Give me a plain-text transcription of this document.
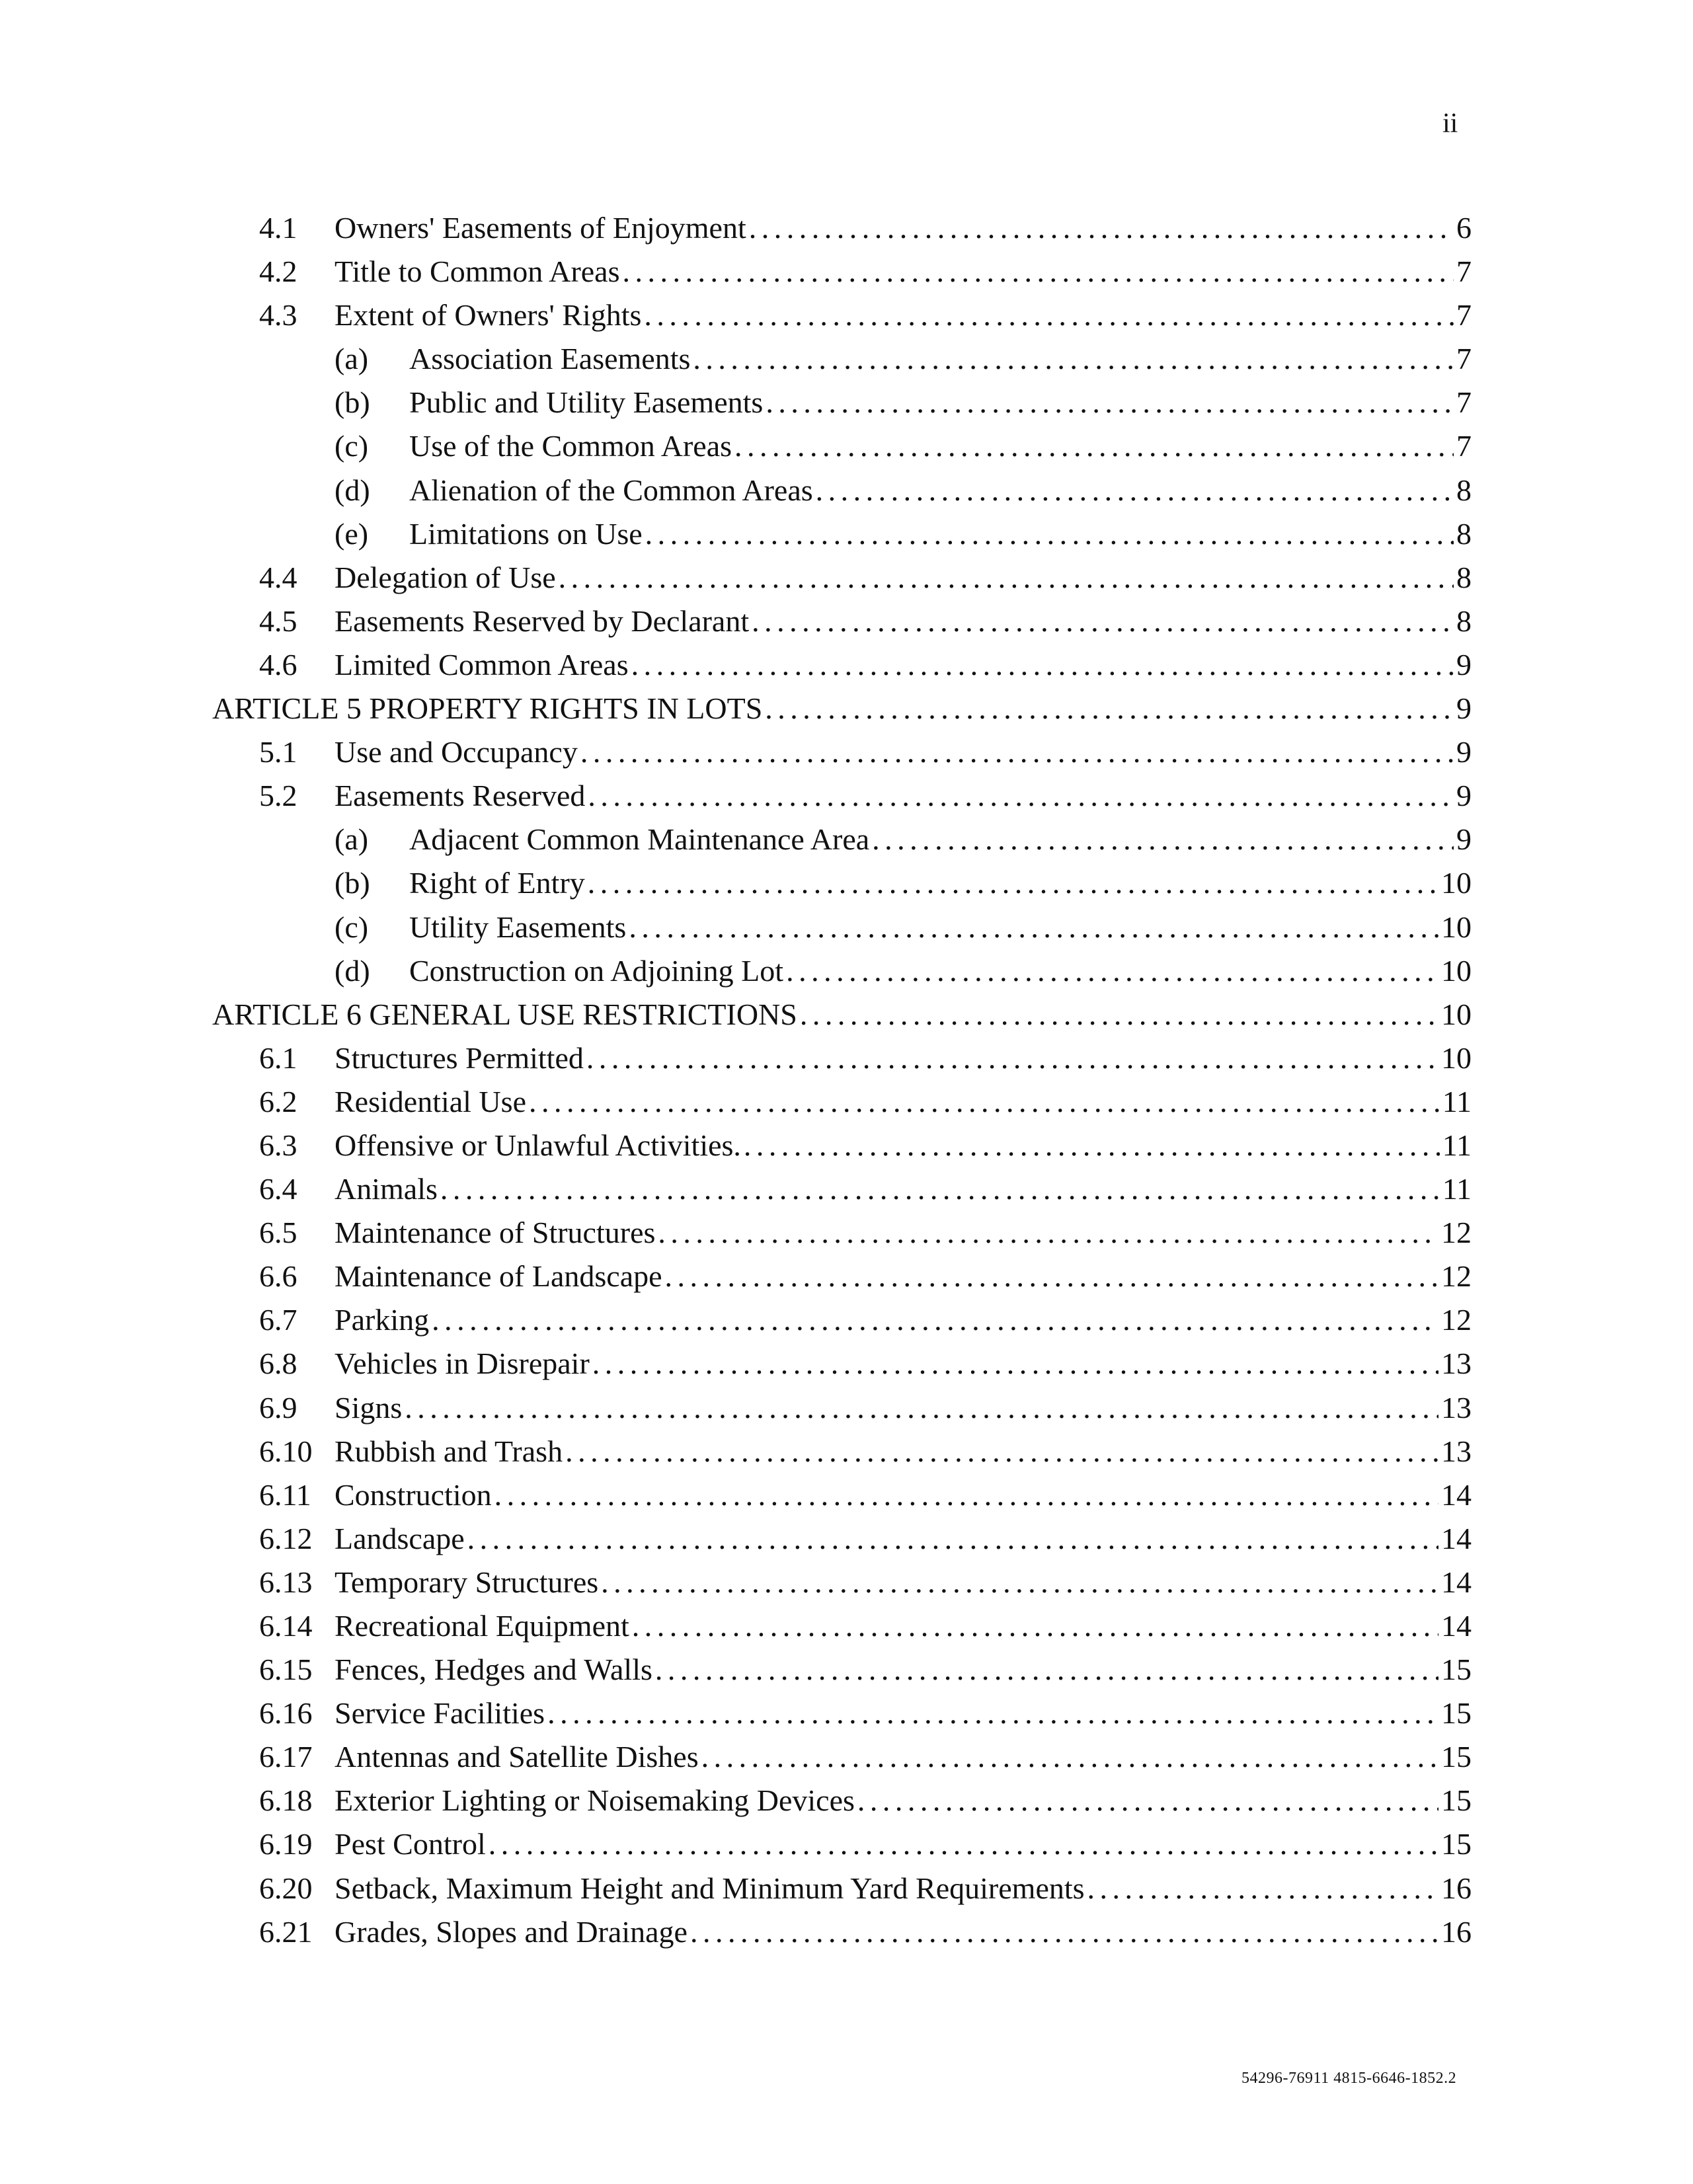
ii
4.1	Owners' Easements of Enjoyment . . .	6
4.2	Title to Common Areas . . .	7
4.3	Extent of Owners' Rights . . .	7
(a)	Association Easements . . .	7
(b)	Public and Utility Easements . . .	7
(c)	Use of the Common Areas . . .	7
(d)	Alienation of the Common Areas . . .	8
(e)	Limitations on Use . . .	8
4.4	Delegation of Use . . .	8
4.5	Easements Reserved by Declarant . . .	8
4.6	Limited Common Areas . . .	9
ARTICLE 5 PROPERTY RIGHTS IN LOTS . . .	9
5.1	Use and Occupancy . . .	9
5.2	Easements Reserved . . .	9
(a)	Adjacent Common Maintenance Area . . .	9
(b)	Right of Entry . . .	10
(c)	Utility Easements . . .	10
(d)	Construction on Adjoining Lot . . .	10
ARTICLE 6 GENERAL USE RESTRICTIONS . . .	10
6.1	Structures Permitted . . .	10
6.2	Residential Use . . .	11
6.3	Offensive or Unlawful Activities. . . .	11
6.4	Animals . . .	11
6.5	Maintenance of Structures . . .	12
6.6	Maintenance of Landscape . . .	12
6.7	Parking . . .	12
6.8	Vehicles in Disrepair . . .	13
6.9	Signs . . .	13
6.10 Rubbish and Trash . . .	13
6.11 Construction . . .	14
6.12 Landscape . . .	14
6.13 Temporary Structures . . .	14
6.14 Recreational Equipment . . .	14
6.15 Fences, Hedges and Walls . . .	15
6.16 Service Facilities . . .	15
6.17 Antennas and Satellite Dishes . . .	15
6.18 Exterior Lighting or Noisemaking Devices . . .	15
6.19 Pest Control . . .	15
6.20 Setback, Maximum Height and Minimum Yard Requirements . . .	16
6.21 Grades, Slopes and Drainage . . .	16
54296-76911 4815-6646-1852.2
